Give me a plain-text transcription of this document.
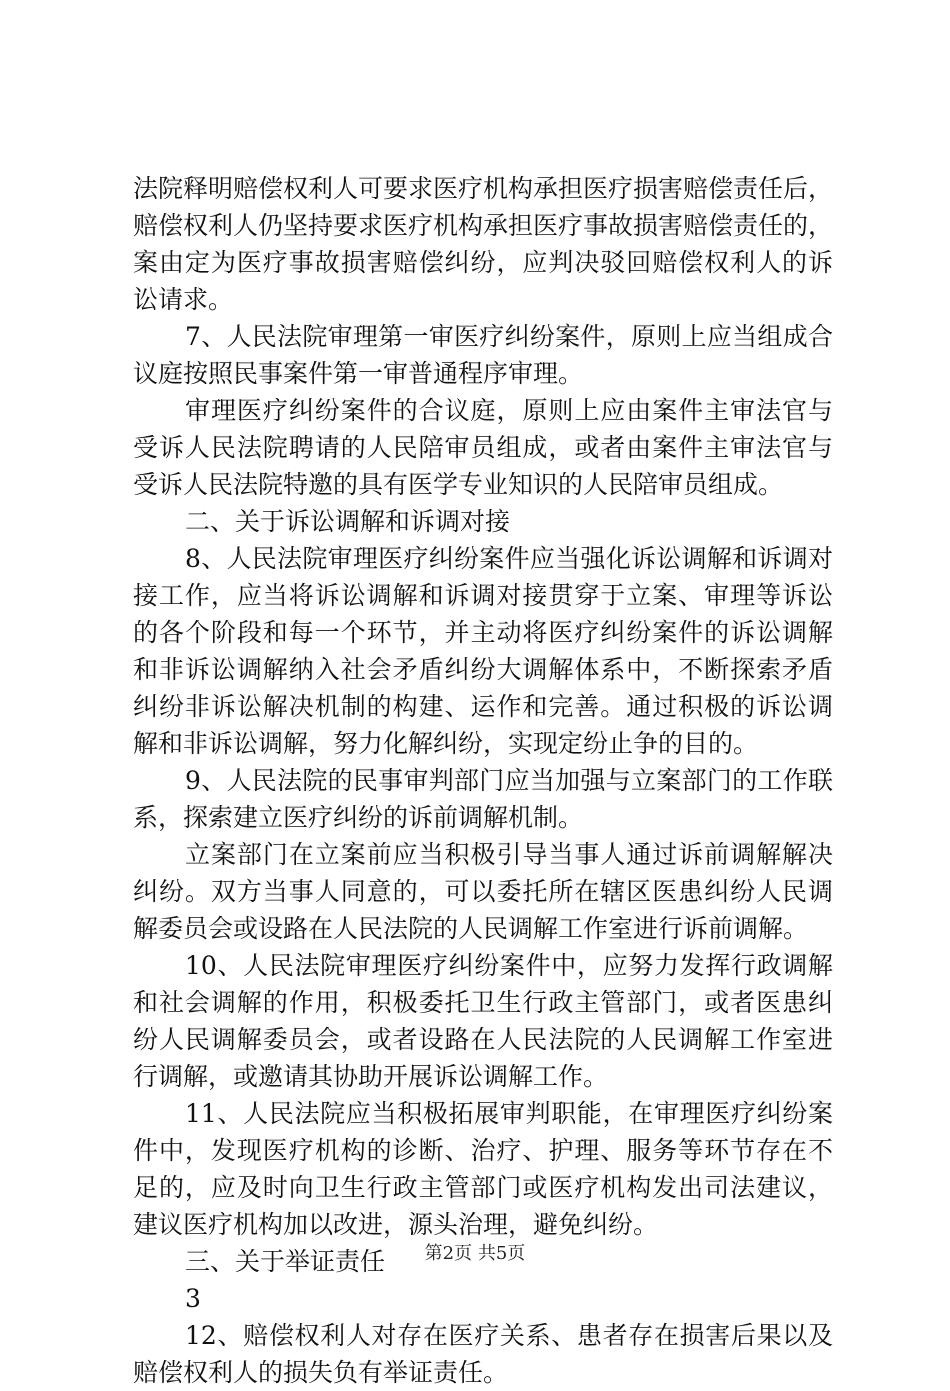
法院释明赔偿权利人可要求医疗机构承担医疗损害赔偿责任后，
赔偿权利人仍坚持要求医疗机构承担医疗事故损害赔偿责任的，
案由定为医疗事故损害赔偿纠纷，应判决驳回赔偿权利人的诉
讼请求。
7、人民法院审理第一审医疗纠纷案件，原则上应当组成合
议庭按照民事案件第一审普通程序审理。
审理医疗纠纷案件的合议庭，原则上应由案件主审法官与
受诉人民法院聘请的人民陪审员组成，或者由案件主审法官与
受诉人民法院特邀的具有医学专业知识的人民陪审员组成。
二、关于诉讼调解和诉调对接
8、人民法院审理医疗纠纷案件应当强化诉讼调解和诉调对
接工作，应当将诉讼调解和诉调对接贯穿于立案、审理等诉讼
的各个阶段和每一个环节，并主动将医疗纠纷案件的诉讼调解
和非诉讼调解纳入社会矛盾纠纷大调解体系中，不断探索矛盾
纠纷非诉讼解决机制的构建、运作和完善。通过积极的诉讼调
解和非诉讼调解，努力化解纠纷，实现定纷止争的目的。
9、人民法院的民事审判部门应当加强与立案部门的工作联
系，探索建立医疗纠纷的诉前调解机制。
立案部门在立案前应当积极引导当事人通过诉前调解解决
纠纷。双方当事人同意的，可以委托所在辖区医患纠纷人民调
解委员会或设路在人民法院的人民调解工作室进行诉前调解。
10、人民法院审理医疗纠纷案件中，应努力发挥行政调解
和社会调解的作用，积极委托卫生行政主管部门，或者医患纠
纷人民调解委员会，或者设路在人民法院的人民调解工作室进
行调解，或邀请其协助开展诉讼调解工作。
11、人民法院应当积极拓展审判职能，在审理医疗纠纷案
件中，发现医疗机构的诊断、治疗、护理、服务等环节存在不
足的，应及时向卫生行政主管部门或医疗机构发出司法建议，
建议医疗机构加以改进，源头治理，避免纠纷。
三、关于举证责任
3
12、赔偿权利人对存在医疗关系、患者存在损害后果以及
赔偿权利人的损失负有举证责任。
第2页 共5页
